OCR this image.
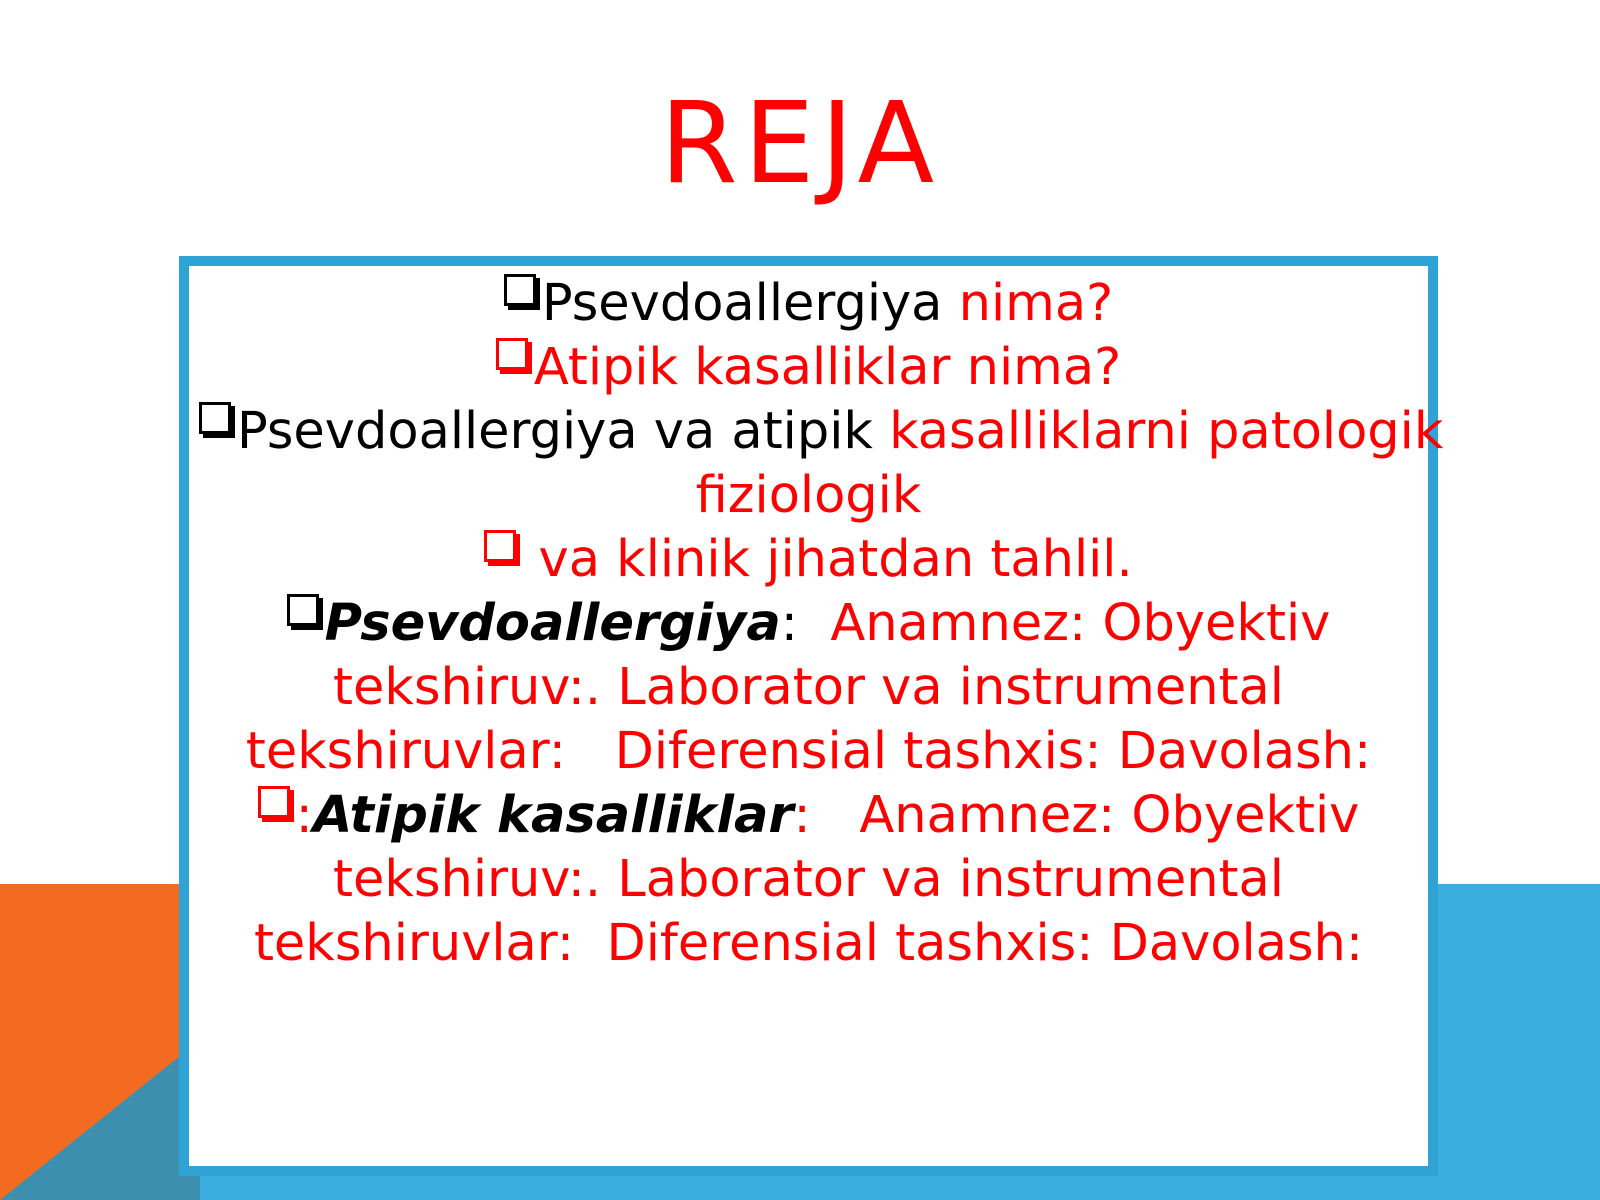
REJA
Psevdoallergiya nima?
Atipik kasalliklar nima?
Psevdoallergiya va atipik kasalliklarni patologik
fiziologik
va klinik jihatdan tahlil.
Psevdoallergiya:  Anamnez: Obyektiv
tekshiruv:. Laborator va instrumental
tekshiruvlar:   Diferensial tashxis: Davolash:
:Atipik kasalliklar:   Anamnez: Obyektiv
tekshiruv:. Laborator va instrumental
tekshiruvlar:  Diferensial tashxis: Davolash:
